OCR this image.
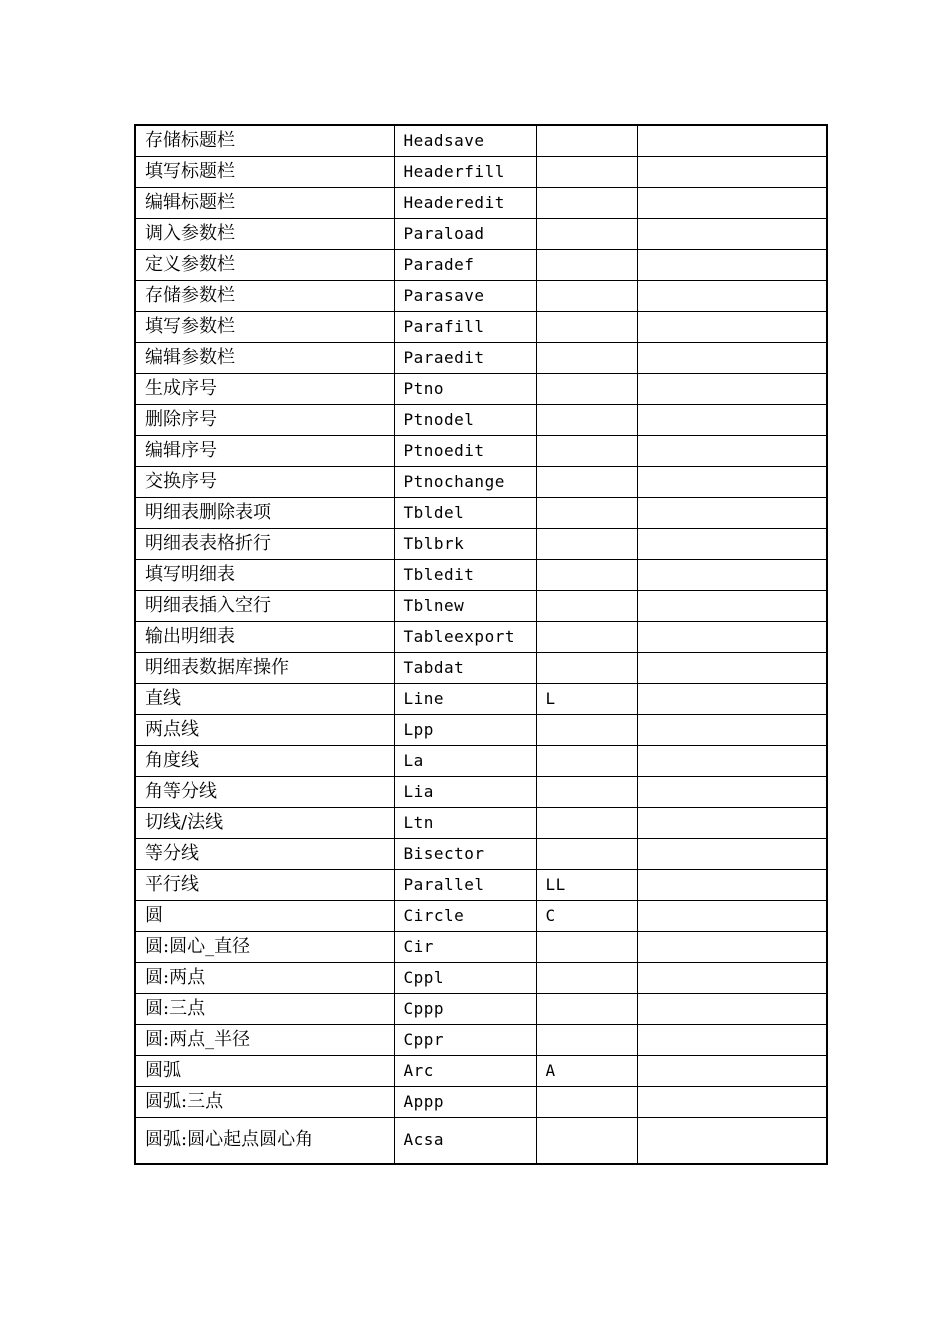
存储标题栏	Headsave		
填写标题栏	Headerfill		
编辑标题栏	Headeredit		
调入参数栏	Paraload		
定义参数栏	Paradef		
存储参数栏	Parasave		
填写参数栏	Parafill		
编辑参数栏	Paraedit		
生成序号	Ptno		
删除序号	Ptnodel		
编辑序号	Ptnoedit		
交换序号	Ptnochange		
明细表删除表项	Tbldel		
明细表表格折行	Tblbrk		
填写明细表	Tbledit		
明细表插入空行	Tblnew		
输出明细表	Tableexport		
明细表数据库操作	Tabdat		
直线	Line	L	
两点线	Lpp		
角度线	La		
角等分线	Lia		
切线/法线	Ltn		
等分线	Bisector		
平行线	Parallel	LL	
圆	Circle	C	
圆:圆心_直径	Cir		
圆:两点	Cppl		
圆:三点	Cppp		
圆:两点_半径	Cppr		
圆弧	Arc	A	
圆弧:三点	Appp		
圆弧:圆心起点圆心角	Acsa		
